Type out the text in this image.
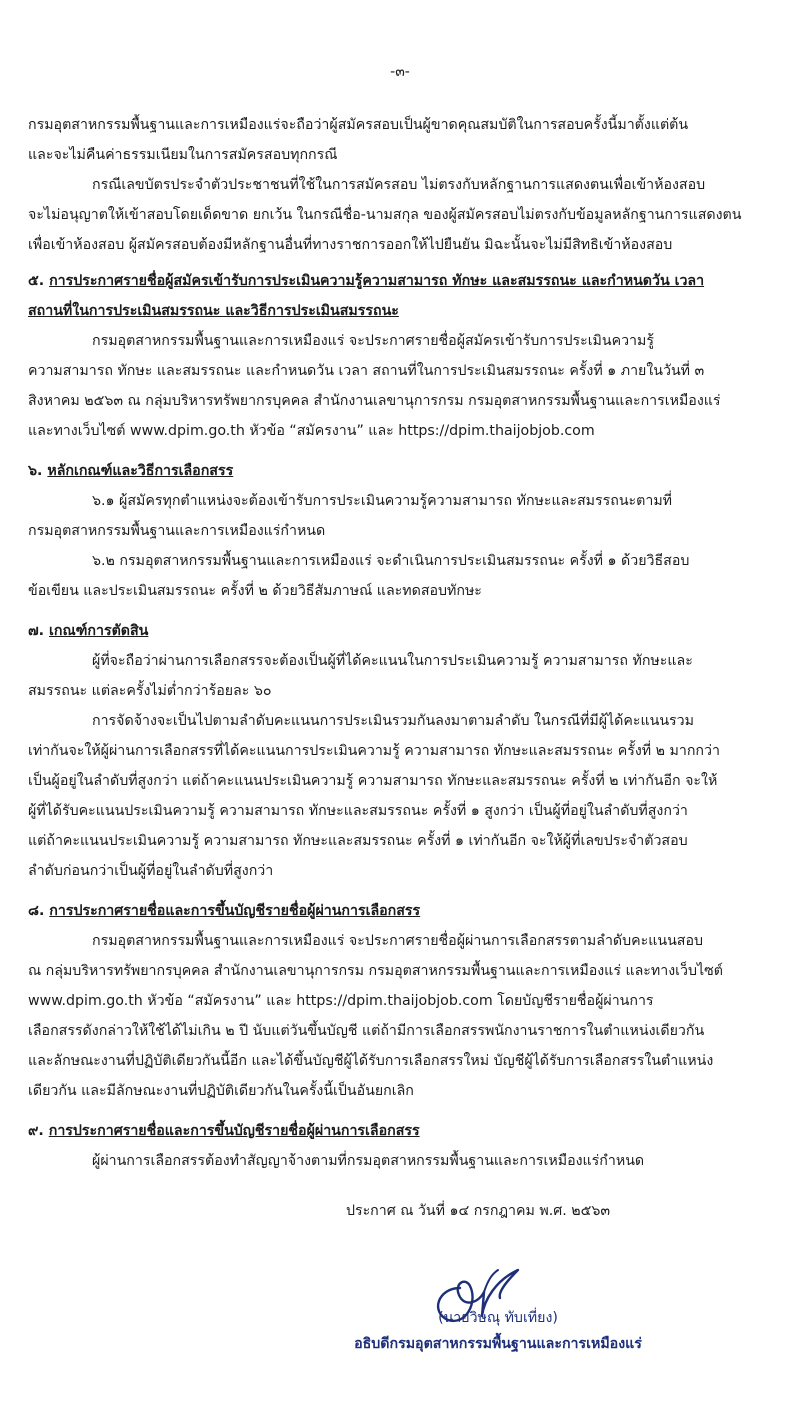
-๓-
กรมอุตสาหกรรมพื้นฐานและการเหมืองแร่จะถือว่าผู้สมัครสอบเป็นผู้ขาดคุณสมบัติในการสอบครั้งนี้มาตั้งแต่ต้น
และจะไม่คืนค่าธรรมเนียมในการสมัครสอบทุกกรณี
กรณีเลขบัตรประจำตัวประชาชนที่ใช้ในการสมัครสอบ ไม่ตรงกับหลักฐานการแสดงตนเพื่อเข้าห้องสอบ
จะไม่อนุญาตให้เข้าสอบโดยเด็ดขาด ยกเว้น ในกรณีชื่อ-นามสกุล ของผู้สมัครสอบไม่ตรงกับข้อมูลหลักฐานการแสดงตน
เพื่อเข้าห้องสอบ ผู้สมัครสอบต้องมีหลักฐานอื่นที่ทางราชการออกให้ไปยืนยัน มิฉะนั้นจะไม่มีสิทธิเข้าห้องสอบ
๕. การประกาศรายชื่อผู้สมัครเข้ารับการประเมินความรู้ความสามารถ ทักษะ และสมรรถนะ และกำหนดวัน เวลา
สถานที่ในการประเมินสมรรถนะ และวิธีการประเมินสมรรถนะ
กรมอุตสาหกรรมพื้นฐานและการเหมืองแร่ จะประกาศรายชื่อผู้สมัครเข้ารับการประเมินความรู้
ความสามารถ ทักษะ และสมรรถนะ และกำหนดวัน เวลา สถานที่ในการประเมินสมรรถนะ ครั้งที่ ๑ ภายในวันที่ ๓
สิงหาคม ๒๕๖๓ ณ กลุ่มบริหารทรัพยากรบุคคล สำนักงานเลขานุการกรม กรมอุตสาหกรรมพื้นฐานและการเหมืองแร่
และทางเว็บไซต์ www.dpim.go.th หัวข้อ “สมัครงาน” และ https://dpim.thaijobjob.com
๖. หลักเกณฑ์และวิธีการเลือกสรร
๖.๑ ผู้สมัครทุกตำแหน่งจะต้องเข้ารับการประเมินความรู้ความสามารถ ทักษะและสมรรถนะตามที่
กรมอุตสาหกรรมพื้นฐานและการเหมืองแร่กำหนด
๖.๒ กรมอุตสาหกรรมพื้นฐานและการเหมืองแร่ จะดำเนินการประเมินสมรรถนะ ครั้งที่ ๑ ด้วยวิธีสอบ
ข้อเขียน และประเมินสมรรถนะ ครั้งที่ ๒ ด้วยวิธีสัมภาษณ์ และทดสอบทักษะ
๗. เกณฑ์การตัดสิน
ผู้ที่จะถือว่าผ่านการเลือกสรรจะต้องเป็นผู้ที่ได้คะแนนในการประเมินความรู้ ความสามารถ ทักษะและ
สมรรถนะ แต่ละครั้งไม่ต่ำกว่าร้อยละ ๖๐
การจัดจ้างจะเป็นไปตามลำดับคะแนนการประเมินรวมกันลงมาตามลำดับ ในกรณีที่มีผู้ได้คะแนนรวม
เท่ากันจะให้ผู้ผ่านการเลือกสรรที่ได้คะแนนการประเมินความรู้ ความสามารถ ทักษะและสมรรถนะ ครั้งที่ ๒ มากกว่า
เป็นผู้อยู่ในลำดับที่สูงกว่า แต่ถ้าคะแนนประเมินความรู้ ความสามารถ ทักษะและสมรรถนะ ครั้งที่ ๒ เท่ากันอีก จะให้
ผู้ที่ได้รับคะแนนประเมินความรู้ ความสามารถ ทักษะและสมรรถนะ ครั้งที่ ๑ สูงกว่า เป็นผู้ที่อยู่ในลำดับที่สูงกว่า
แต่ถ้าคะแนนประเมินความรู้ ความสามารถ ทักษะและสมรรถนะ ครั้งที่ ๑ เท่ากันอีก จะให้ผู้ที่เลขประจำตัวสอบ
ลำดับก่อนกว่าเป็นผู้ที่อยู่ในลำดับที่สูงกว่า
๘. การประกาศรายชื่อและการขึ้นบัญชีรายชื่อผู้ผ่านการเลือกสรร
กรมอุตสาหกรรมพื้นฐานและการเหมืองแร่ จะประกาศรายชื่อผู้ผ่านการเลือกสรรตามลำดับคะแนนสอบ
ณ กลุ่มบริหารทรัพยากรบุคคล สำนักงานเลขานุการกรม กรมอุตสาหกรรมพื้นฐานและการเหมืองแร่ และทางเว็บไซต์
www.dpim.go.th หัวข้อ “สมัครงาน” และ https://dpim.thaijobjob.com โดยบัญชีรายชื่อผู้ผ่านการ
เลือกสรรดังกล่าวให้ใช้ได้ไม่เกิน ๒ ปี นับแต่วันขึ้นบัญชี แต่ถ้ามีการเลือกสรรพนักงานราชการในตำแหน่งเดียวกัน
และลักษณะงานที่ปฏิบัติเดียวกันนี้อีก และได้ขึ้นบัญชีผู้ได้รับการเลือกสรรใหม่ บัญชีผู้ได้รับการเลือกสรรในตำแหน่ง
เดียวกัน และมีลักษณะงานที่ปฏิบัติเดียวกันในครั้งนี้เป็นอันยกเลิก
๙. การประกาศรายชื่อและการขึ้นบัญชีรายชื่อผู้ผ่านการเลือกสรร
ผู้ผ่านการเลือกสรรต้องทำสัญญาจ้างตามที่กรมอุตสาหกรรมพื้นฐานและการเหมืองแร่กำหนด
ประกาศ ณ วันที่ ๑๔ กรกฎาคม พ.ศ. ๒๕๖๓
(นายวิษณุ ทับเที่ยง)
อธิบดีกรมอุตสาหกรรมพื้นฐานและการเหมืองแร่
